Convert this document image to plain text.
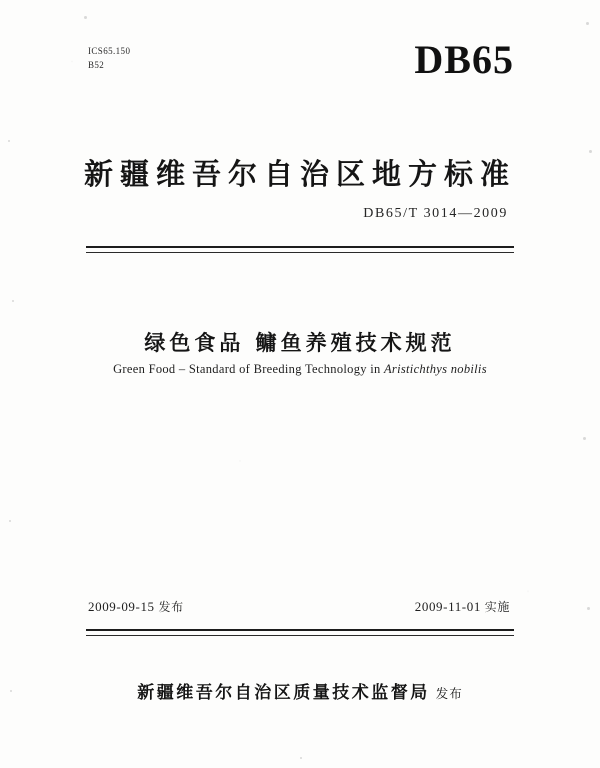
ICS65.150
B52	DB65
新疆维吾尔自治区地方标准
DB65/T 3014—2009
绿色食品 鳙鱼养殖技术规范
Green Food – Standard of Breeding Technology in Aristichthys nobilis
2009-09-15 发布	2009-11-01 实施
新疆维吾尔自治区质量技术监督局 发布
